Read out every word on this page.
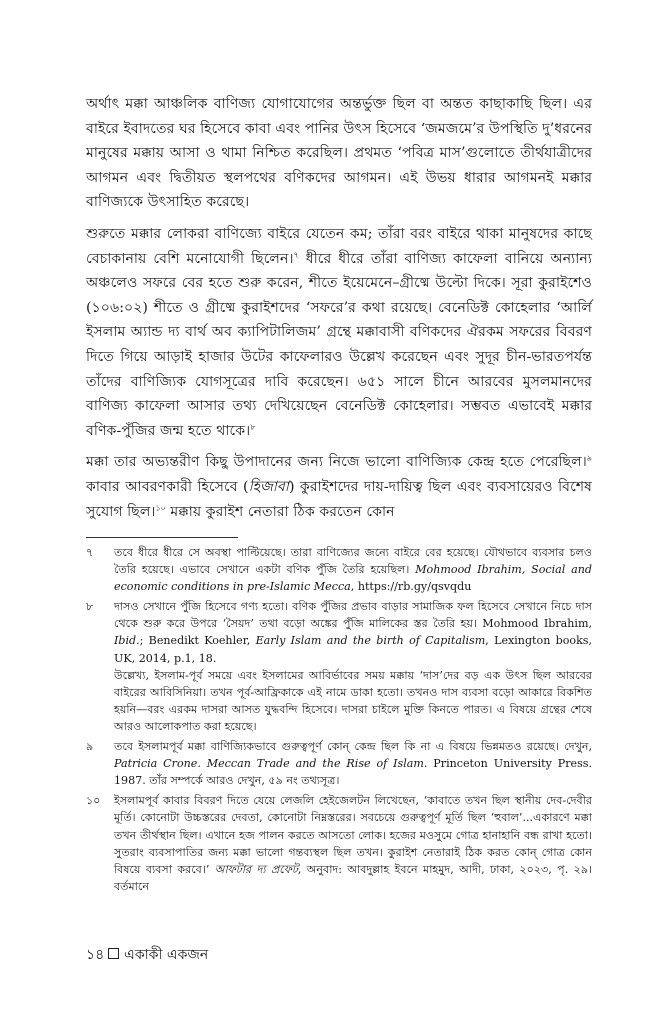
অর্থাৎ মক্কা আঞ্চলিক বাণিজ্য যোগাযোগের অন্তর্ভুক্ত ছিল বা অন্তত কাছাকাছি ছিল। এর বাইরে ইবাদতের ঘর হিসেবে কাবা এবং পানির উৎস হিসেবে ‘জমজমে’র উপস্থিতি দু’ধরনের মানুষের মক্কায় আসা ও থামা নিশ্চিত করেছিল। প্রথমত ‘পবিত্র মাস’গুলোতে তীর্থযাত্রীদের আগমন এবং দ্বিতীয়ত স্থলপথের বণিকদের আগমন। এই উভয় ধারার আগমনই মক্কার বাণিজ্যকে উৎসাহিত করেছে।

শুরুতে মক্কার লোকরা বাণিজ্যে বাইরে যেতেন কম; তাঁরা বরং বাইরে থাকা মানুষদের কাছে বেচাকানায় বেশি মনোযোগী ছিলেন।$^৭$ ধীরে ধীরে তাঁরা বাণিজ্য কাফেলা বানিয়ে অন্যান্য অঞ্চলেও সফরে বের হতে শুরু করেন, শীতে ইয়েমেনে–গ্রীষ্মে উল্টো দিকে। সূরা কুরাইশেও (১০৬:০২) শীতে ও গ্রীষ্মে কুরাইশদের ‘সফরে’র কথা রয়েছে। বেনেডিক্ট কোহেলার ‘আর্লি ইসলাম অ্যান্ড দ্য বার্থ অব ক্যাপিটালিজম’ গ্রন্থে মক্কাবাসী বণিকদের ঐরকম সফরের বিবরণ দিতে গিয়ে আড়াই হাজার উটের কাফেলারও উল্লেখ করেছেন এবং সুদূর চীন-ভারতপর্যন্ত তাঁদের বাণিজ্যিক যোগসূত্রের দাবি করেছেন। ৬৫১ সালে চীনে আরবের মুসলমানদের বাণিজ্য কাফেলা আসার তথ্য দেখিয়েছেন বেনেডিক্ট কোহেলার। সম্ভবত এভাবেই মক্কার বণিক-পুঁজির জন্ম হতে থাকে।$^৮$

মক্কা তার অভ্যন্তরীণ কিছু উপাদানের জন্য নিজে ভালো বাণিজ্যিক কেন্দ্র হতে পেরেছিল।$^৯$ কাবার আবরণকারী হিসেবে (হিজাবা) কুরাইশদের দায়-দায়িত্ব ছিল এবং ব্যবসায়েরও বিশেষ সুযোগ ছিল।$^{১০}$ মক্কায় কুরাইশ নেতারা ঠিক করতেন কোন

৭	তবে ধীরে ধীরে সে অবস্থা পাল্টিয়েছে। তারা বাণিজ্যের জন্যে বাইরে বের হয়েছে। যৌথভাবে ব্যবসার চলও তৈরি হয়েছে। এভাবে সেখানে একটা বণিক পুঁজি তৈরি হয়েছিল। Mohmood Ibrahim, Social and economic conditions in pre-Islamic Mecca, https://rb.gy/qsvqdu
৮	দাসও সেখানে পুঁজি হিসেবে গণ্য হতো। বণিক পুঁজির প্রভাব বাড়ার সামাজিক ফল হিসেবে সেখানে নিচে দাস থেকে শুরু করে উপরে ‘সৈয়দ’ তথা বড়ো অঙ্কের পুঁজি মালিকের স্তর তৈরি হয়। Mohmood Ibrahim, Ibid.; Benedikt Koehler, Early Islam and the birth of Capitalism, Lexington books, UK, 2014, p.1, 18.
উল্লেখ্য, ইসলাম-পূর্ব সময়ে এবং ইসলামের আবির্ভাবের সময় মক্কায় ‘দাস’দের বড় এক উৎস ছিল আরবের বাইরের আবিসিনিয়া। তখন পূর্ব-আফ্রিকাকে এই নামে ডাকা হতো। তখনও দাস ব্যবসা বড়ো আকারে বিকশিত হয়নি—বরং এরকম দাসরা আসত যুদ্ধবন্দি হিসেবে। দাসরা চাইলে মুক্তি কিনতে পারত। এ বিষয়ে গ্রন্থের শেষে আরও আলোকপাত করা হয়েছে।
৯	তবে ইসলামপূর্ব মক্কা বাণিজ্যিকভাবে গুরুত্বপূর্ণ কোন্ কেন্দ্র ছিল কি না এ বিষয়ে ভিন্নমতও রয়েছে। দেখুন, Patricia Crone. Meccan Trade and the Rise of Islam. Princeton University Press. 1987. তাঁর সম্পর্কে আরও দেখুন, ৫৯ নং তথ্যসূত্র।
১০	ইসলামপূর্ব কাবার বিবরণ দিতে যেয়ে লেজলি হেইজেলটন লিখেছেন, ‘কাবাতে তখন ছিল স্থানীয় দেব-দেবীর মূর্তি। কোনোটা উচ্চস্তরের দেবতা, কোনোটা নিম্নস্তরের। সবচেয়ে গুরুত্বপূর্ণ মূর্তি ছিল ‘হুবাল’...একারণে মক্কা তখন তীর্থস্থান ছিল। এখানে হজ পালন করতে আসতো লোক। হজের মওসুমে গোত্র হানাহানি বন্ধ রাখা হতো। সুতরাং ব্যবসাপাতির জন্য মক্কা ভালো গন্তব্যস্থল ছিল তখন। কুরাইশ নেতারাই ঠিক করত কোন্ গোত্র কোন বিষয়ে ব্যবসা করবে।’ আফটার দ্য প্রফেট, অনুবাদ: আবদুল্লাহ ইবনে মাহমুদ, আদী, ঢাকা, ২০২৩, পৃ. ২৯। বর্তমানে
১৪ একাকী একজন
